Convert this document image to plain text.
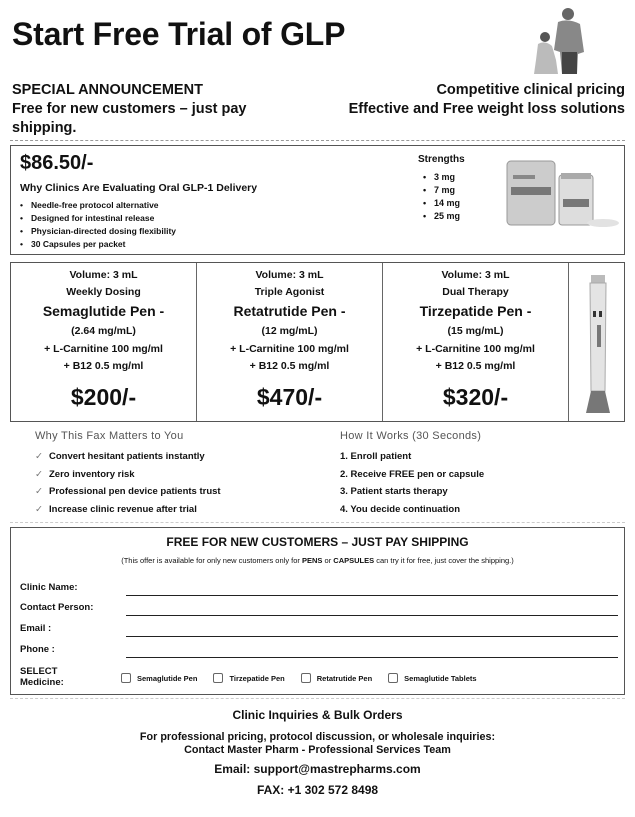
Start Free Trial of GLP
SPECIAL ANNOUNCEMENT
Free for new customers – just pay shipping.
Competitive clinical pricing
Effective and Free weight loss solutions
$86.50/-
Why Clinics Are Evaluating Oral GLP-1 Delivery
• Needle-free protocol alternative
• Designed for intestinal release
• Physician-directed dosing flexibility
• 30 Capsules per packet
Strengths
• 3 mg
• 7 mg
• 14 mg
• 25 mg
Volume: 3 mL
Weekly Dosing
Semaglutide Pen -
(2.64 mg/mL)
+ L-Carnitine 100 mg/ml
+ B12 0.5 mg/ml
$200/-
Volume: 3 mL
Triple Agonist
Retatrutide Pen -
(12 mg/mL)
+ L-Carnitine 100 mg/ml
+ B12 0.5 mg/ml
$470/-
Volume: 3 mL
Dual Therapy
Tirzepatide Pen -
(15 mg/mL)
+ L-Carnitine 100 mg/ml
+ B12 0.5 mg/ml
$320/-
Why This Fax Matters to You
✓ Convert hesitant patients instantly
✓ Zero inventory risk
✓ Professional pen device patients trust
✓ Increase clinic revenue after trial
How It Works (30 Seconds)
1. Enroll patient
2. Receive FREE pen or capsule
3. Patient starts therapy
4. You decide continuation
FREE FOR NEW CUSTOMERS – JUST PAY SHIPPING
(This offer is available for only new customers only for PENS or CAPSULES can try it for free, just cover the shipping.)
Clinic Name:
Contact Person:
Email :
Phone :
SELECT
Medicine:	Semaglutide Pen	Tirzepatide Pen	Retatrutide Pen	Semaglutide Tablets
Clinic Inquiries & Bulk Orders
For professional pricing, protocol discussion, or wholesale inquiries:
Contact Master Pharm - Professional Services Team
Email: support@mastrepharms.com
FAX: +1 302 572 8498
